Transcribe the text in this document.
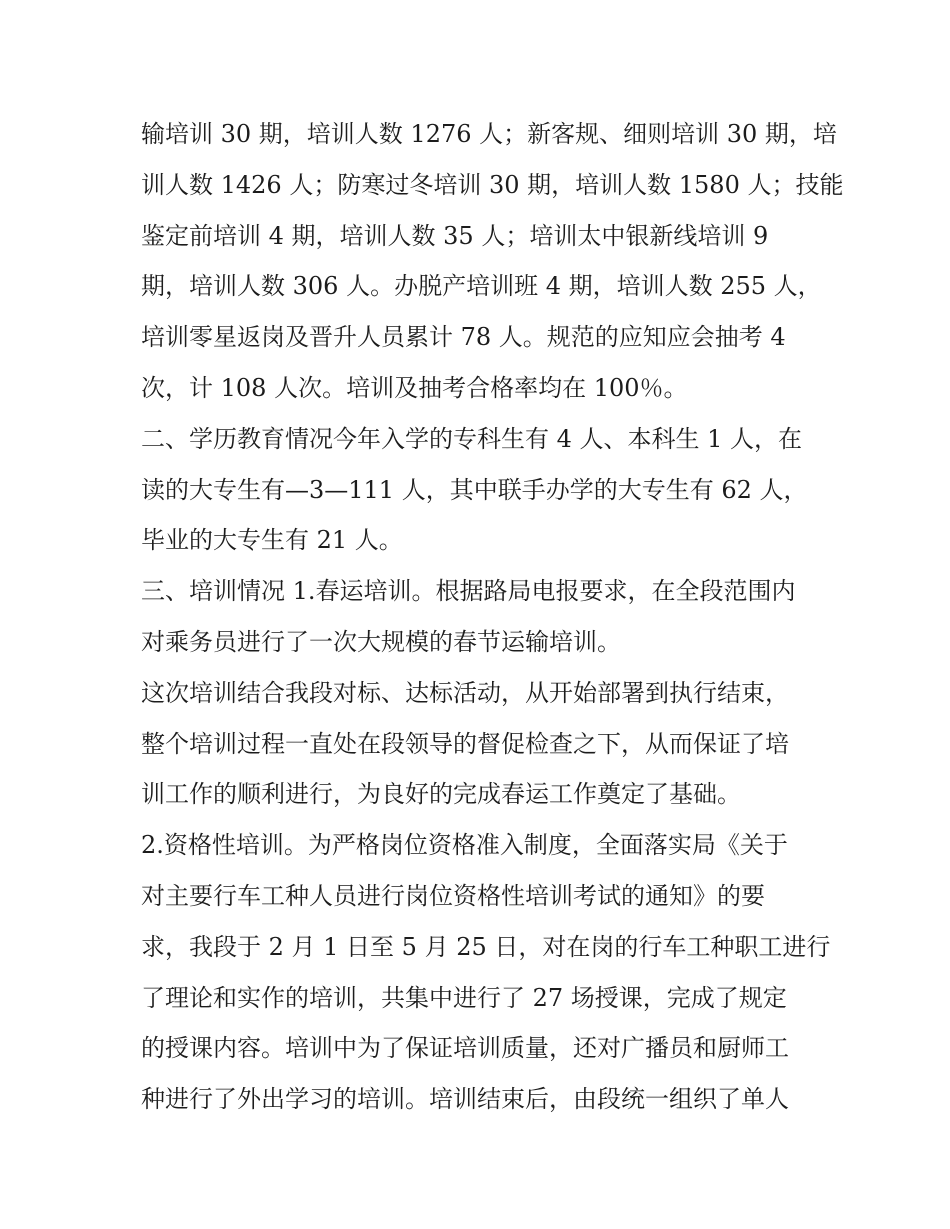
输培训 30 期，培训人数 1276 人；新客规、细则培训 30 期，培
训人数 1426 人；防寒过冬培训 30 期，培训人数 1580 人；技能
鉴定前培训 4 期，培训人数 35 人；培训太中银新线培训 9
期，培训人数 306 人。办脱产培训班 4 期，培训人数 255 人，
培训零星返岗及晋升人员累计 78 人。规范的应知应会抽考 4
次，计 108 人次。培训及抽考合格率均在 100％。
二、学历教育情况今年入学的专科生有 4 人、本科生 1 人，在
读的大专生有—3—111 人，其中联手办学的大专生有 62 人，
毕业的大专生有 21 人。
三、培训情况 1.春运培训。根据路局电报要求，在全段范围内
对乘务员进行了一次大规模的春节运输培训。
这次培训结合我段对标、达标活动，从开始部署到执行结束，
整个培训过程一直处在段领导的督促检查之下，从而保证了培
训工作的顺利进行，为良好的完成春运工作奠定了基础。
2.资格性培训。为严格岗位资格准入制度，全面落实局《关于
对主要行车工种人员进行岗位资格性培训考试的通知》的要
求，我段于 2 月 1 日至 5 月 25 日，对在岗的行车工种职工进行
了理论和实作的培训，共集中进行了 27 场授课，完成了规定
的授课内容。培训中为了保证培训质量，还对广播员和厨师工
种进行了外出学习的培训。培训结束后，由段统一组织了单人
